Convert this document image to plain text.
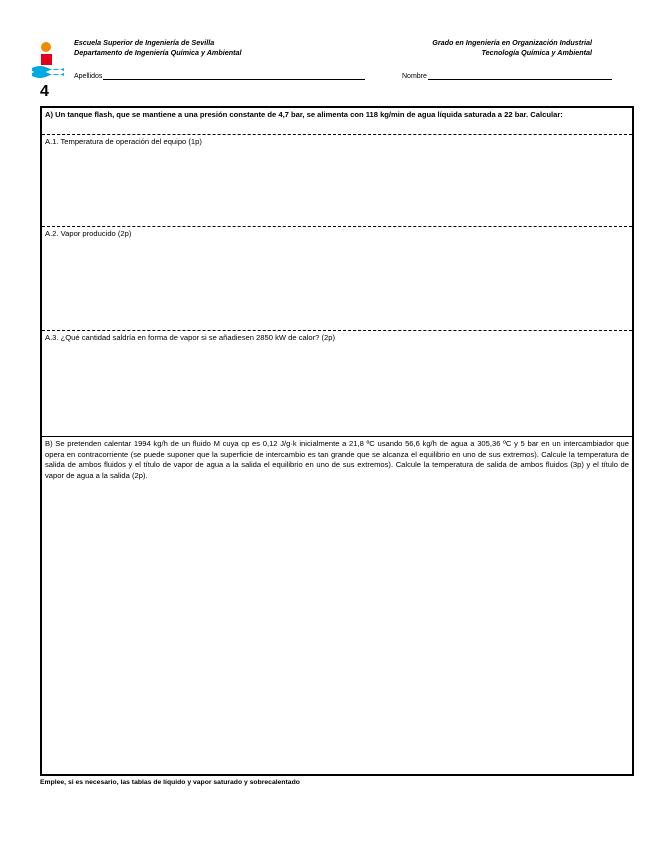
Escuela Superior de Ingeniería de Sevilla
Departamento de Ingeniería Química y Ambiental
Grado en Ingeniería en Organización Industrial
Tecnología Química y Ambiental
Apellidos	Nombre
4
A) Un tanque flash, que se mantiene a una presión constante de 4,7 bar, se alimenta con 118 kg/min de agua líquida saturada a 22 bar. Calcular:
A.1. Temperatura de operación del equipo (1p)
A.2. Vapor producido (2p)
A.3. ¿Qué cantidad saldría en forma de vapor si se añadiesen 2850 kW de calor? (2p)
B) Se pretenden calentar 1994 kg/h de un fluido M cuya cp es 0,12 J/g·k inicialmente a 21,8 ºC usando 56,6 kg/h de agua a 305,36 ºC y 5 bar en un intercambiador que opera en contracorriente (se puede suponer que la superficie de intercambio es tan grande que se alcanza el equilibrio en uno de sus extremos). Calcule la temperatura de salida de ambos fluidos y el título de vapor de agua a la salida el equilibrio en uno de sus extremos). Calcule la temperatura de salida de ambos fluidos (3p) y el título de vapor de agua a la salida (2p).
Emplee, si es necesario, las tablas de líquido y vapor saturado y sobrecalentado
